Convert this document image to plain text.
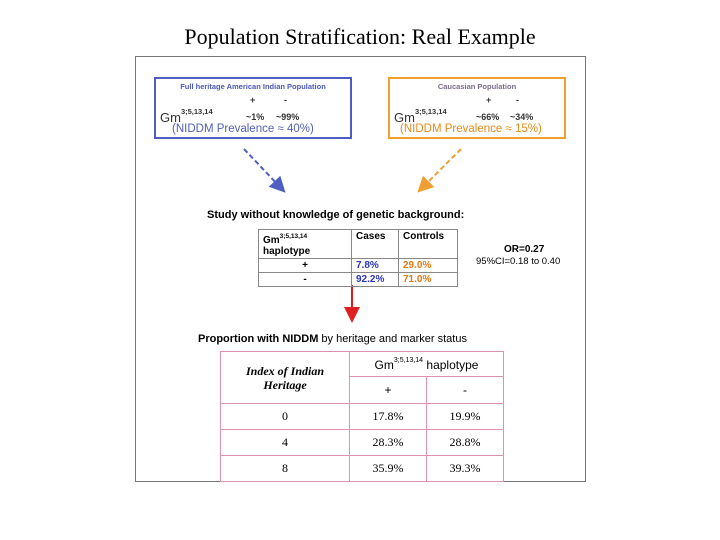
Population Stratification: Real Example
Full heritage American Indian Population
+	-
Gm$^{3;5,13,14}$
~1% ~99%
(NIDDM Prevalence ≈ 40%)
Caucasian Population
+	-
Gm$^{3;5,13,14}$
~66% ~34%
(NIDDM Prevalence ≈ 15%)
Study without knowledge of genetic background:
Gm$^{3;5,13,14}$
haplotype	Cases	Controls
+	7.8%	29.0%
-	92.2%	71.0%
OR=0.27
95%CI=0.18 to 0.40
Proportion with NIDDM by heritage and marker status
Index of Indian Heritage	Gm$^{3;5,13,14}$ haplotype	
	+	-
0	17.8%	19.9%
4	28.3%	28.8%
8	35.9%	39.3%
